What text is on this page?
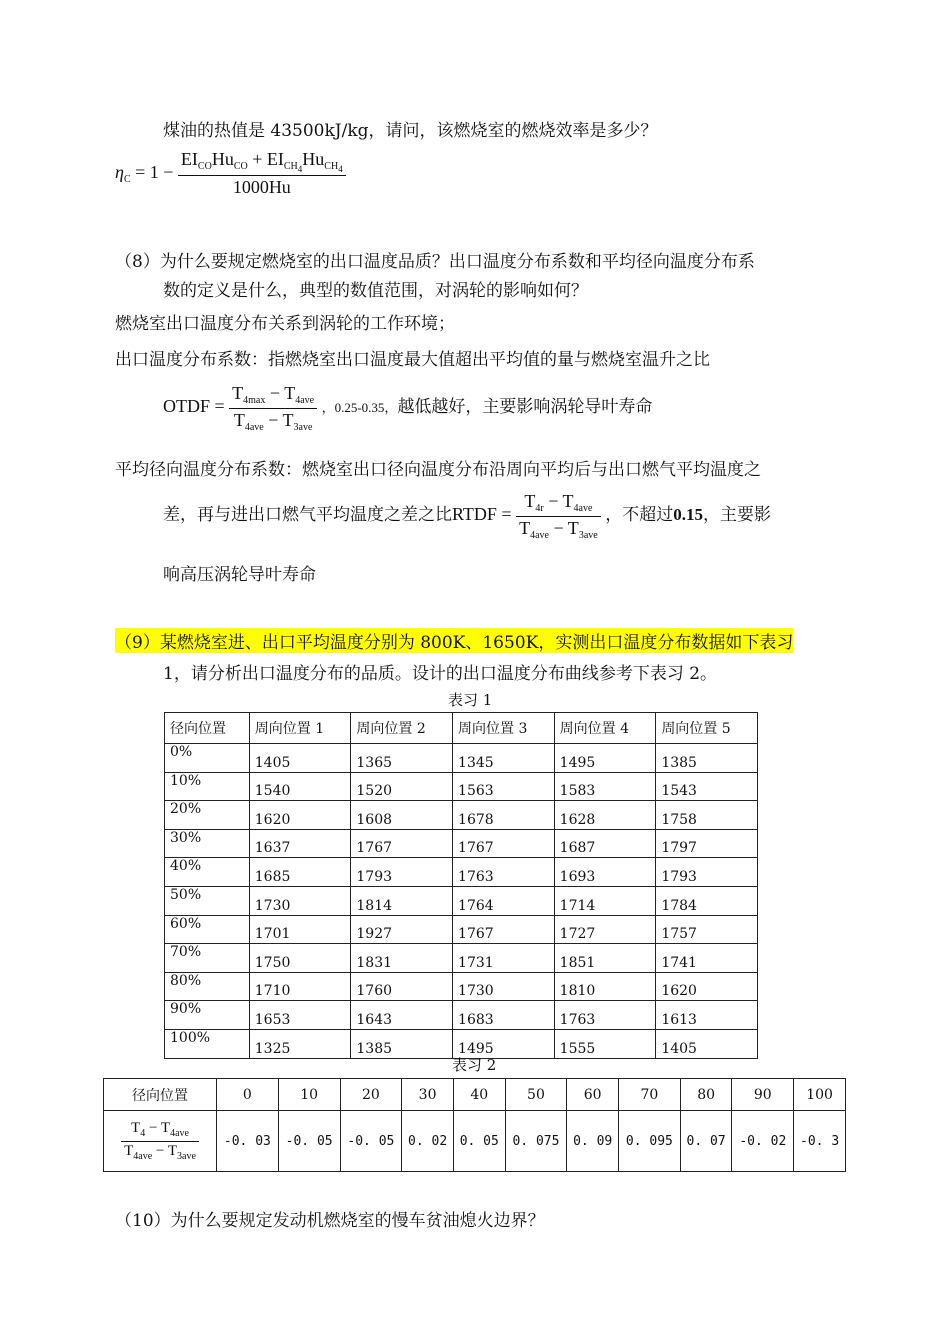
煤油的热值是 43500kJ/kg，请问，该燃烧室的燃烧效率是多少？
$\eta_C = 1 - \frac{EI_{CO}Hu_{CO} + EI_{CH4}Hu_{CH4}}{1000Hu}$
（8）为什么要规定燃烧室的出口温度品质？出口温度分布系数和平均径向温度分布系
数的定义是什么，典型的数值范围，对涡轮的影响如何？
燃烧室出口温度分布关系到涡轮的工作环境；
出口温度分布系数：指燃烧室出口温度最大值超出平均值的量与燃烧室温升之比
OTDF = $\frac{T_{4max} - T_{4ave}}{T_{4ave} - T_{3ave}}$ ，0.25-0.35，越低越好，主要影响涡轮导叶寿命
平均径向温度分布系数：燃烧室出口径向温度分布沿周向平均后与出口燃气平均温度之
差，再与进出口燃气平均温度之差之比RTDF = $\frac{T_{4r} - T_{4ave}}{T_{4ave} - T_{3ave}}$ ，不超过0.15，主要影
响高压涡轮导叶寿命
（9）某燃烧室进、出口平均温度分别为 800K、1650K，实测出口温度分布数据如下表习
1，请分析出口温度分布的品质。设计的出口温度分布曲线参考下表习 2。
表习 1
径向位置	周向位置 1	周向位置 2	周向位置 3	周向位置 4	周向位置 5
0%	1405	1365	1345	1495	1385
10%	1540	1520	1563	1583	1543
20%	1620	1608	1678	1628	1758
30%	1637	1767	1767	1687	1797
40%	1685	1793	1763	1693	1793
50%	1730	1814	1764	1714	1784
60%	1701	1927	1767	1727	1757
70%	1750	1831	1731	1851	1741
80%	1710	1760	1730	1810	1620
90%	1653	1643	1683	1763	1613
100%	1325	1385	1495	1555	1405
表习 2
径向位置	0	10	20	30	40	50	60	70	80	90	100

$\frac{T_4 - T_{4ave}}{T_{4ave} - T_{3ave}}$	-0. 03	-0. 05	-0. 05	0. 02	0. 05	0. 075	0. 09	0. 095	0. 07	-0. 02	-0. 3
（10）为什么要规定发动机燃烧室的慢车贫油熄火边界？
